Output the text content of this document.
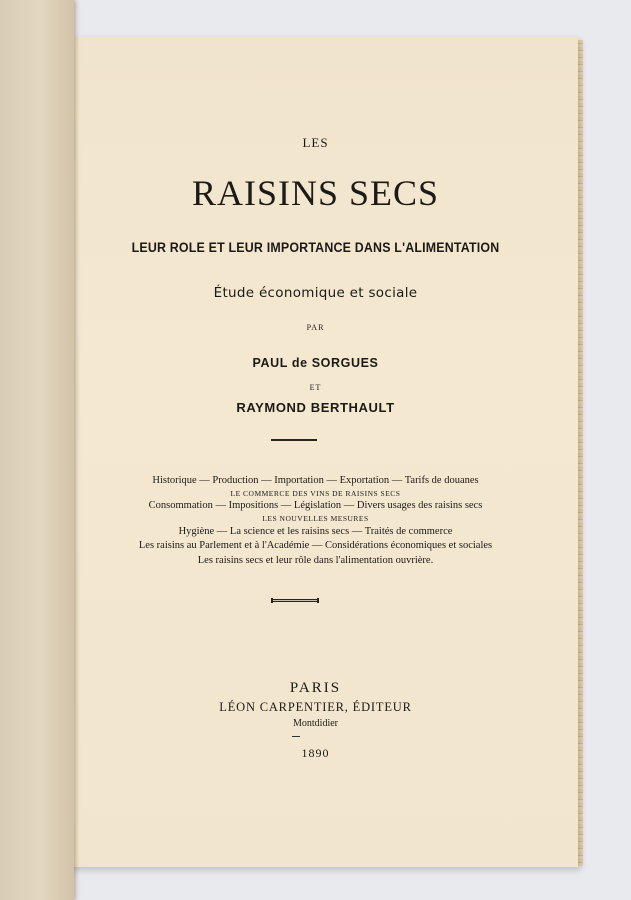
LES
RAISINS SECS
LEUR ROLE ET LEUR IMPORTANCE DANS L'ALIMENTATION
Étude économique et sociale
PAR
PAUL de SORGUES
ET
RAYMOND BERTHAULT
Historique — Production — Importation — Exportation — Tarifs de douanes
LE COMMERCE DES VINS DE RAISINS SECS
Consommation — Impositions — Législation — Divers usages des raisins secs
LES NOUVELLES MESURES
Hygiène — La science et les raisins secs — Traités de commerce
Les raisins au Parlement et à l'Académie — Considérations économiques et sociales
Les raisins secs et leur rôle dans l'alimentation ouvrière.
PARIS
LÉON CARPENTIER, ÉDITEUR
Montdidier
1890
